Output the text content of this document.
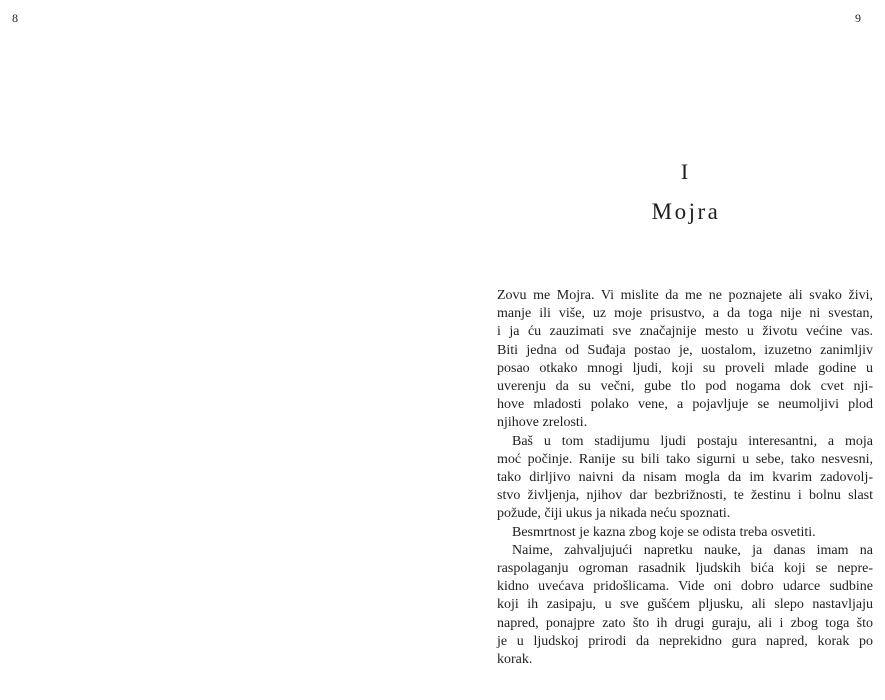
8	9
I
Mojra
Zovu me Mojra. Vi mislite da me ne poznajete ali svako živi,
manje ili više, uz moje prisustvo, a da toga nije ni svestan,
i ja ću zauzimati sve značajnije mesto u životu većine vas.
Biti jedna od Suđaja postao je, uostalom, izuzetno zanimljiv
posao otkako mnogi ljudi, koji su proveli mlade godine u
uverenju da su večni, gube tlo pod nogama dok cvet nji-
hove mladosti polako vene, a pojavljuje se neumoljivi plod
njihove zrelosti.
Baš u tom stadijumu ljudi postaju interesantni, a moja
moć počinje. Ranije su bili tako sigurni u sebe, tako nesvesni,
tako dirljivo naivni da nisam mogla da im kvarim zadovolj-
stvo življenja, njihov dar bezbrižnosti, te žestinu i bolnu slast
požude, čiji ukus ja nikada neću spoznati.
Besmrtnost je kazna zbog koje se odista treba osvetiti.
Naime, zahvaljujući napretku nauke, ja danas imam na
raspolaganju ogroman rasadnik ljudskih bića koji se nepre-
kidno uvećava pridošlicama. Vide oni dobro udarce sudbine
koji ih zasipaju, u sve gušćem pljusku, ali slepo nastavljaju
napred, ponajpre zato što ih drugi guraju, ali i zbog toga što
je u ljudskoj prirodi da neprekidno gura napred, korak po
korak.
